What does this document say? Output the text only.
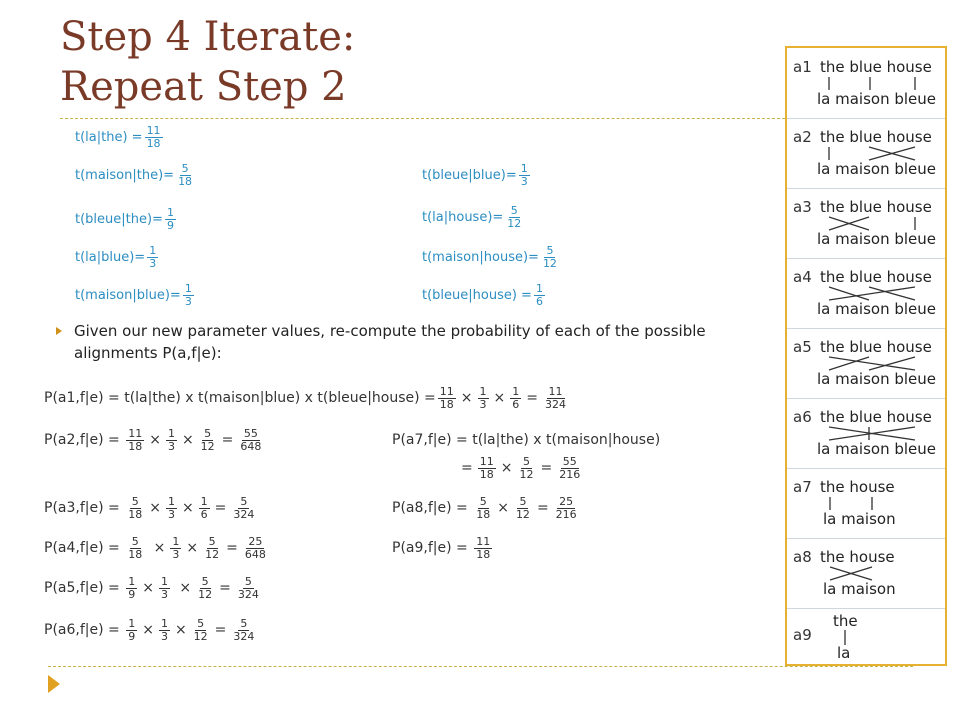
Step 4 Iterate:
Repeat Step 2
$t(la|the) = \frac{11}{18}$
t(maison|the)= $\frac{5}{18}$
t(bleue|the)= $\frac{1}{9}$
t(la|blue)= $\frac{1}{3}$
t(maison|blue)= $\frac{1}{3}$
t(bleue|blue)= $\frac{1}{3}$
t(la|house)= $\frac{5}{12}$
t(maison|house)= $\frac{5}{12}$
t(bleue|house) = $\frac{1}{6}$
Given our new parameter values, re-compute the probability of each of the possible alignments P(a,f|e):
P(a1,f|e) =
t(la|the) x t(maison|blue) x t(bleue|house) = $\frac{11}{18} \times \frac{1}{3} \times \frac{1}{6} = \frac{11}{324}$
P(a2,f|e) =
$\frac{11}{18} \times \frac{1}{3} \times \frac{5}{12} = \frac{55}{648}$	P(a7,f|e) =
t(la|the) x t(maison|house)
= $\frac{11}{18} \times \frac{5}{12} = \frac{55}{216}$
P(a3,f|e) =
$\frac{5}{18} \times \frac{1}{3} \times \frac{1}{6} = \frac{5}{324}$	P(a8,f|e) =
$\frac{5}{18} \times \frac{5}{12} = \frac{25}{216}$
P(a4,f|e) =
$\frac{5}{18} \times \frac{1}{3} \times \frac{5}{12} = \frac{25}{648}$	P(a9,f|e) =
$\frac{11}{18}$
P(a5,f|e) =
$\frac{1}{9} \times \frac{1}{3} \times \frac{5}{12} = \frac{5}{324}$
P(a6,f|e) =
$\frac{1}{9} \times \frac{1}{3} \times \frac{5}{12} = \frac{5}{324}$
a1 the blue house
la maison bleue
a2 the blue house
la maison bleue
a3 the blue house
la maison bleue
a4 the blue house
la maison bleue
a5 the blue house
la maison bleue
a6 the blue house
la maison bleue
a7 the house
la maison
a8 the house
la maison
a9
the
la
